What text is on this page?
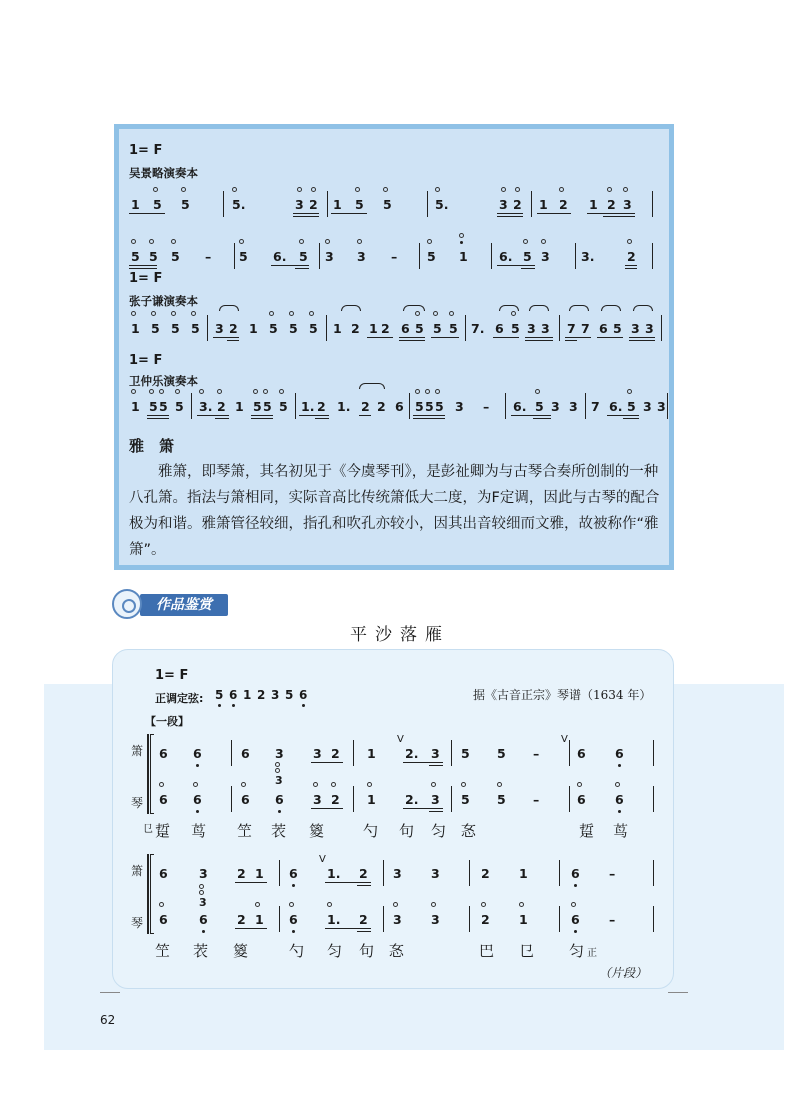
1= F
吴景略演奏本
1 5 5	5.	3 2 1 5 5	5.	3 2 1 2 1 2 3
5 5 5 – 5 6. 5 3 3 – 5 1	6. 5 3	3.	2
1= F
张子谦演奏本
1 5 5 5 3 2 1 5 5 5 1 2 1 2 6 5 5 5 7. 6 5 3 3 7 7 6 5 3 3
1= F
卫仲乐演奏本
1 5 5 5 3. 2 1 5 5 5 1. 2 1. 2 2 6 5 5 5 3 – 6. 5 3 3 7 6. 5 3 3
雅　箫
雅箫，即琴箫，其名初见于《今虞琴刊》，是彭祉卿为与古琴合奏所创制的一种八孔箫。指法与箫相同，实际音高比传统箫低大二度，为F定调，因此与古琴的配合极为和谐。雅箫管径较细，指孔和吹孔亦较小，因其出音较细而文雅，故被称作“雅箫”。
作品鉴赏
平沙落雁
1= F
正调定弦: 5 6 1 2 3 5 6	据《古音正宗》琴谱（1634 年）
【一段】
箫
琴
6 6	6 3 3 2 1
V
2. 3 5 5 –
V
6 6
6 6	6
3
6 3 2 1 2. 3 5 5 –	6 6
㔾 踅 茑 笁 䒾 䈦	勺 句 匀 㣽	踅 茑
箫
琴
6	3 2 1 6
V
1. 2 3 3	2 1	6 –
6
3
6 2 1 6 1. 2 3 3	2 1	6 –
笁 䒾 䈦	勺 匀 句 㣽	巴 㔾 匀 正
（片段）
62
